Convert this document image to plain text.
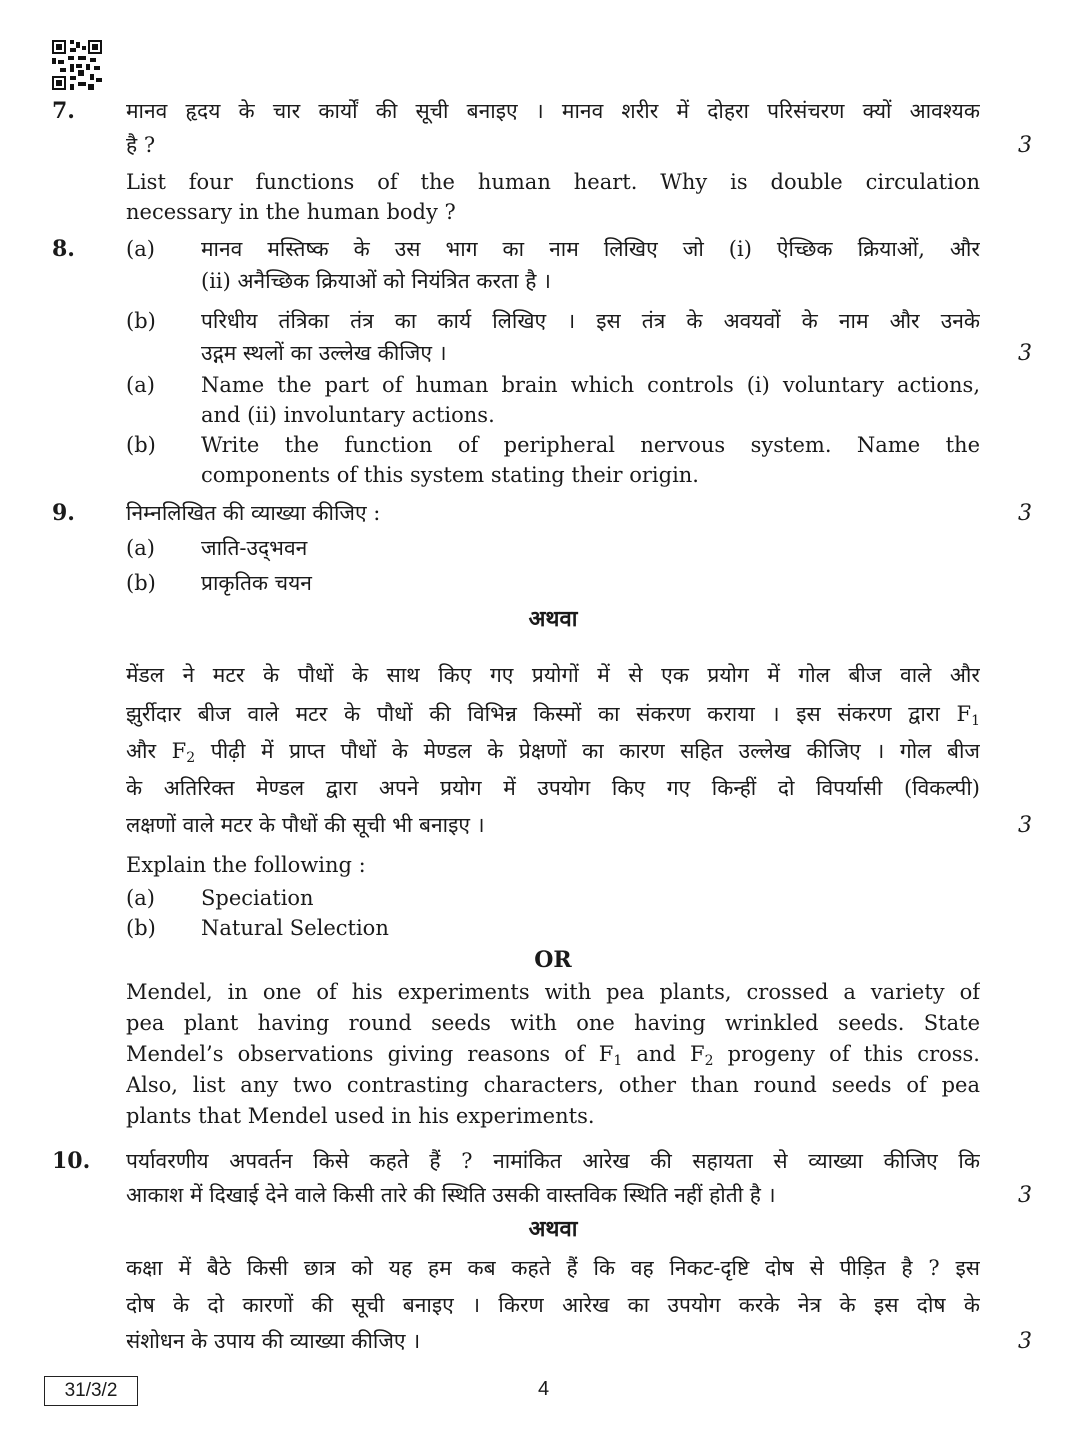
7. मानव हृदय के चार कार्यों की सूची बनाइए । मानव शरीर में दोहरा परिसंचरण क्यों आवश्यक
है ?	3
List four functions of the human heart. Why is double circulation
necessary in the human body ?
8. (a) मानव मस्तिष्क के उस भाग का नाम लिखिए जो (i) ऐच्छिक क्रियाओं, और
(ii) अनैच्छिक क्रियाओं को नियंत्रित करता है ।
(b) परिधीय तंत्रिका तंत्र का कार्य लिखिए । इस तंत्र के अवयवों के नाम और उनके
उद्गम स्थलों का उल्लेख कीजिए ।	3
(a) Name the part of human brain which controls (i) voluntary actions,
and (ii) involuntary actions.
(b) Write the function of peripheral nervous system. Name the
components of this system stating their origin.
9. निम्नलिखित की व्याख्या कीजिए :	3
(a) जाति-उद्‌भवन
(b) प्राकृतिक चयन
अथवा
मेंडल ने मटर के पौधों के साथ किए गए प्रयोगों में से एक प्रयोग में गोल बीज वाले और
झुर्रीदार बीज वाले मटर के पौधों की विभिन्न किस्मों का संकरण कराया । इस संकरण द्वारा $F_1$
और $F_2$ पीढ़ी में प्राप्त पौधों के मेण्डल के प्रेक्षणों का कारण सहित उल्लेख कीजिए । गोल बीज
के अतिरिक्त मेण्डल द्वारा अपने प्रयोग में उपयोग किए गए किन्हीं दो विपर्यासी (विकल्पी)
लक्षणों वाले मटर के पौधों की सूची भी बनाइए ।	3
Explain the following :
(a) Speciation
(b) Natural Selection
OR
Mendel, in one of his experiments with pea plants, crossed a variety of
pea plant having round seeds with one having wrinkled seeds. State
Mendel’s observations giving reasons of $F_1$ and $F_2$ progeny of this cross.
Also, list any two contrasting characters, other than round seeds of pea
plants that Mendel used in his experiments.
10. पर्यावरणीय अपवर्तन किसे कहते हैं ? नामांकित आरेख की सहायता से व्याख्या कीजिए कि
आकाश में दिखाई देने वाले किसी तारे की स्थिति उसकी वास्तविक स्थिति नहीं होती है ।	3
अथवा
कक्षा में बैठे किसी छात्र को यह हम कब कहते हैं कि वह निकट-दृष्टि दोष से पीड़ित है ? इस
दोष के दो कारणों की सूची बनाइए । किरण आरेख का उपयोग करके नेत्र के इस दोष के
संशोधन के उपाय की व्याख्या कीजिए ।	3
31/3/2	4
